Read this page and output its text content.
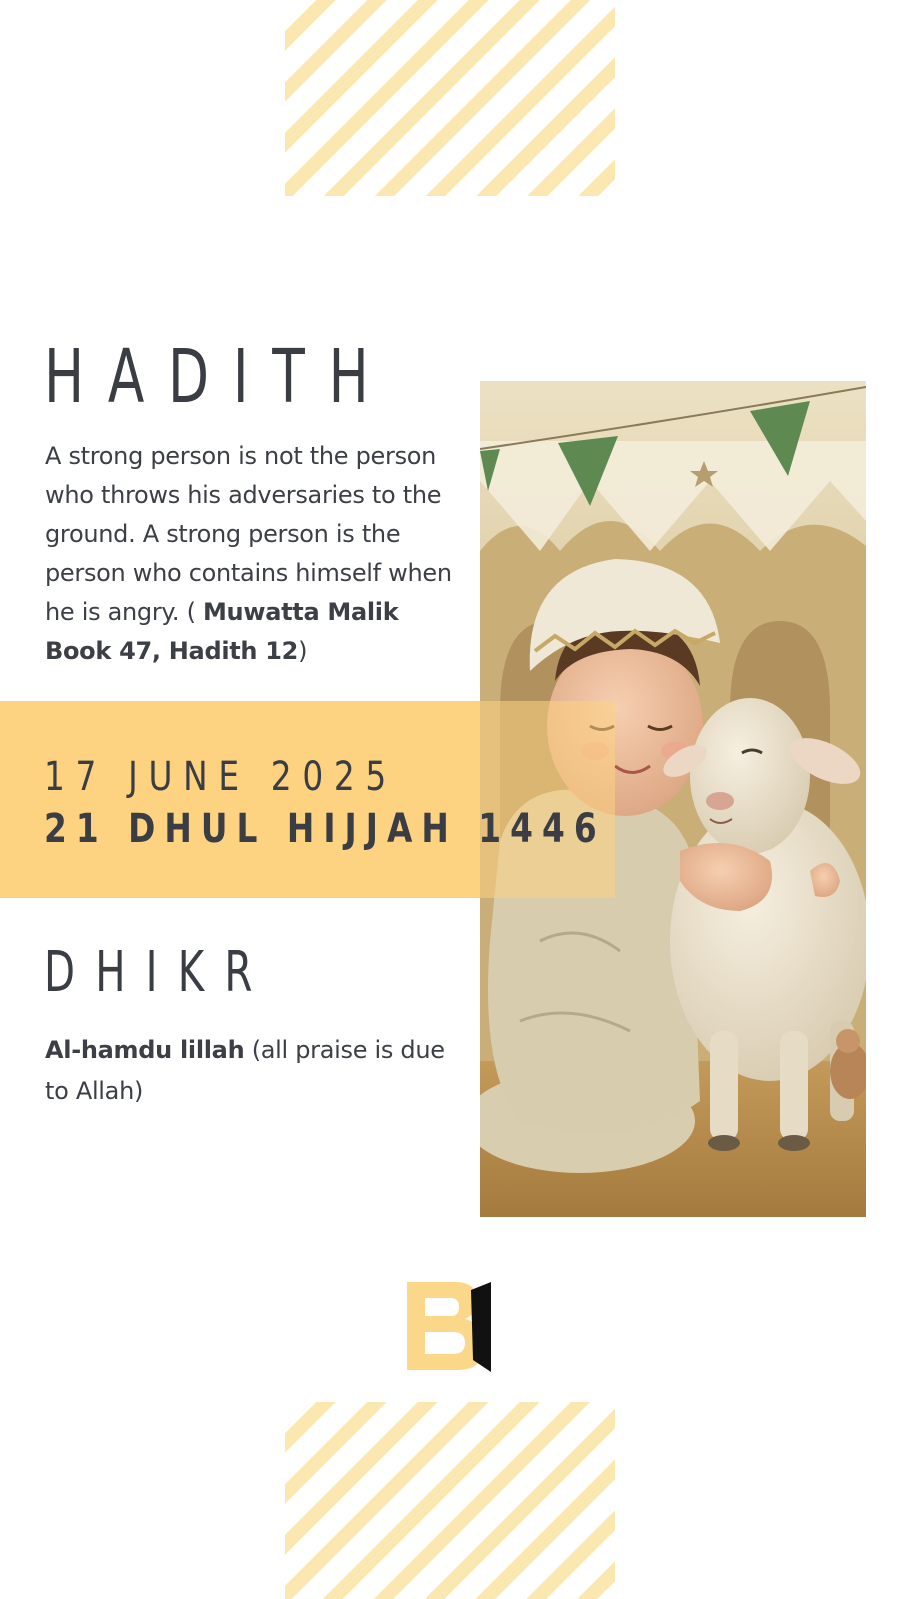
HADITH
A strong person is not the person who throws his adversaries to the ground. A strong person is the person who contains himself when he is angry. ( Muwatta Malik Book 47, Hadith 12)
17 JUNE 2025
21 DHUL HIJJAH 1446
DHIKR
Al-hamdu lillah (all praise is due to Allah)
